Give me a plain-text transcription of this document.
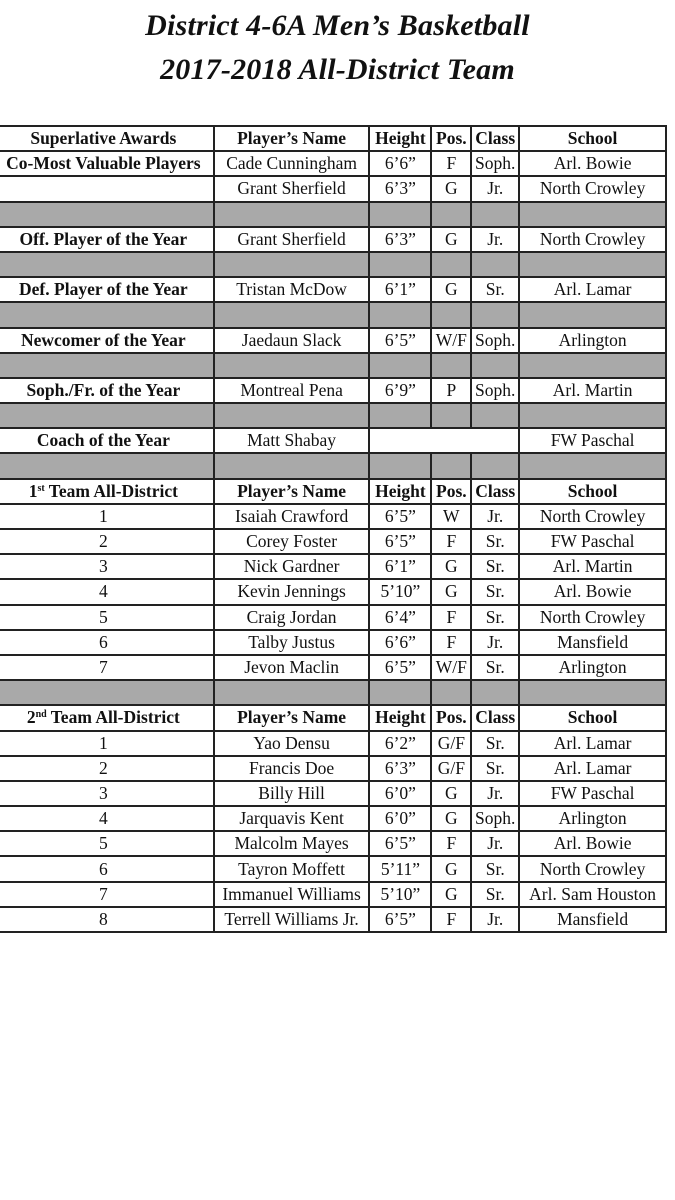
District 4-6A Men’s Basketball
2017-2018 All-District Team
Superlative Awards	Player’s Name	Height	Pos.	Class	School
Co-Most Valuable Players	Cade Cunningham	6’6”	F	Soph.	Arl. Bowie
	Grant Sherfield	6’3”	G	Jr.	North Crowley

Off. Player of the Year	Grant Sherfield	6’3”	G	Jr.	North Crowley

Def. Player of the Year	Tristan McDow	6’1”	G	Sr.	Arl. Lamar

Newcomer of the Year	Jaedaun Slack	6’5”	W/F	Soph.	Arlington

Soph./Fr. of the Year	Montreal Pena	6’9”	P	Soph.	Arl. Martin

Coach of the Year	Matt Shabay				FW Paschal

1st Team All-District	Player’s Name	Height	Pos.	Class	School
1	Isaiah Crawford	6’5”	W	Jr.	North Crowley
2	Corey Foster	6’5”	F	Sr.	FW Paschal
3	Nick Gardner	6’1”	G	Sr.	Arl. Martin
4	Kevin Jennings	5’10”	G	Sr.	Arl. Bowie
5	Craig Jordan	6’4”	F	Sr.	North Crowley
6	Talby Justus	6’6”	F	Jr.	Mansfield
7	Jevon Maclin	6’5”	W/F	Sr.	Arlington

2nd Team All-District	Player’s Name	Height	Pos.	Class	School
1	Yao Densu	6’2”	G/F	Sr.	Arl. Lamar
2	Francis Doe	6’3”	G/F	Sr.	Arl. Lamar
3	Billy Hill	6’0”	G	Jr.	FW Paschal
4	Jarquavis Kent	6’0”	G	Soph.	Arlington
5	Malcolm Mayes	6’5”	F	Jr.	Arl. Bowie
6	Tayron Moffett	5’11”	G	Sr.	North Crowley
7	Immanuel Williams	5’10”	G	Sr.	Arl. Sam Houston
8	Terrell Williams Jr.	6’5”	F	Jr.	Mansfield
